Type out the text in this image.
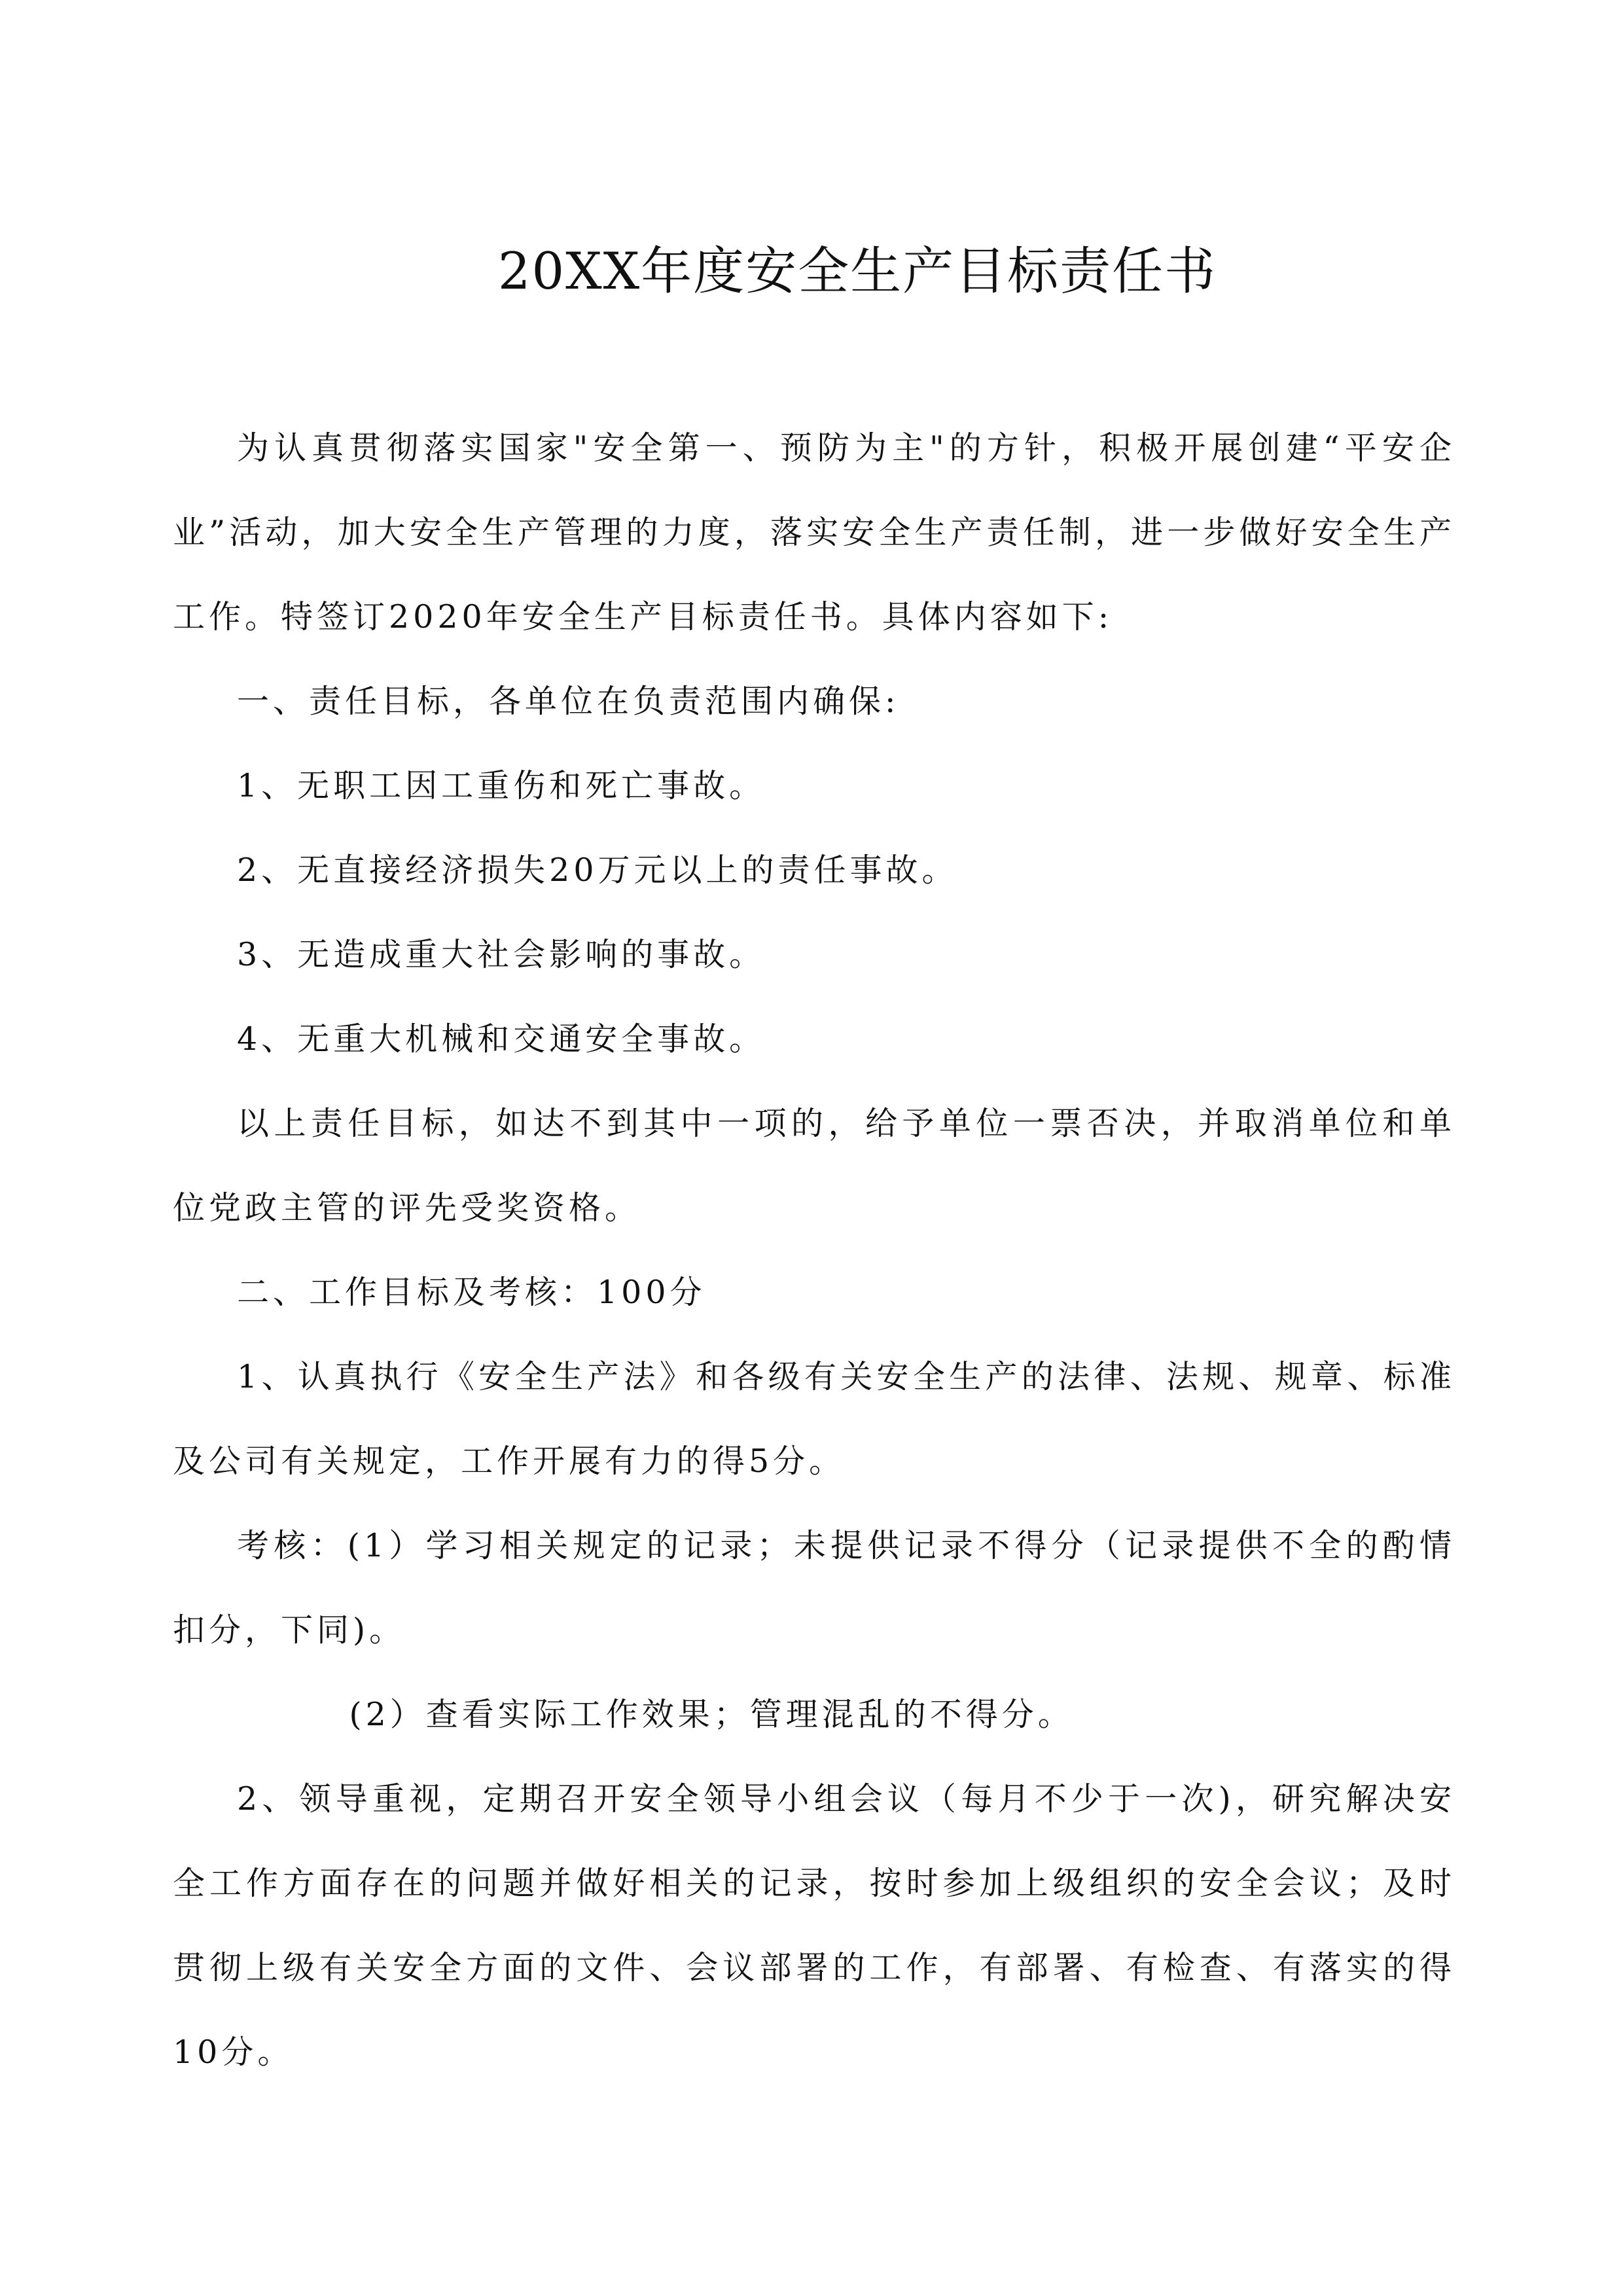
20XX年度安全生产目标责任书

为认真贯彻落实国家"安全第一、预防为主"的方针，积极开展创建“平安企业”活动，加大安全生产管理的力度，落实安全生产责任制，进一步做好安全生产工作。特签订2020年安全生产目标责任书。具体内容如下:

一、责任目标，各单位在负责范围内确保:

1、无职工因工重伤和死亡事故。

2、无直接经济损失20万元以上的责任事故。

3、无造成重大社会影响的事故。

4、无重大机械和交通安全事故。

以上责任目标，如达不到其中一项的，给予单位一票否决，并取消单位和单位党政主管的评先受奖资格。

二、工作目标及考核：100分

1、认真执行《安全生产法》和各级有关安全生产的法律、法规、规章、标准及公司有关规定，工作开展有力的得5分。

考核：(1）学习相关规定的记录；未提供记录不得分（记录提供不全的酌情扣分，下同)。

(2）查看实际工作效果；管理混乱的不得分。

2、领导重视，定期召开安全领导小组会议（每月不少于一次)，研究解决安全工作方面存在的问题并做好相关的记录，按时参加上级组织的安全会议；及时贯彻上级有关安全方面的文件、会议部署的工作，有部署、有检查、有落实的得10分。
